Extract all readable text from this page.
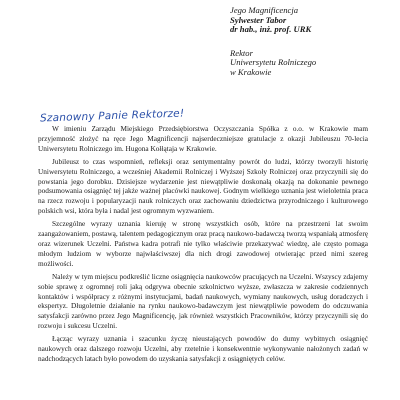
Jego Magnificencja
Sylwester Tabor
dr hab., inż. prof. URK
Rektor
Uniwersytetu Rolniczego
w Krakowie
Szanowny Panie Rektorze!

W imieniu Zarządu Miejskiego Przedsiębiorstwa Oczyszczania Spółka z o.o. w Krakowie mam przyjemność złożyć na ręce Jego Magnificencji najserdeczniejsze gratulacje z okazji Jubileuszu 70-lecia Uniwersytetu Rolniczego im. Hugona Kołłątaja w Krakowie.

Jubileusz to czas wspomnień, refleksji oraz sentymentalny powrót do ludzi, którzy tworzyli historię Uniwersytetu Rolniczego, a wcześniej Akademii Rolniczej i Wyższej Szkoły Rolniczej oraz przyczynili się do powstania jego dorobku. Dzisiejsze wydarzenie jest niewątpliwie doskonałą okazją na dokonanie pewnego podsumowania osiągnięć tej jakże ważnej placówki naukowej. Godnym wielkiego uznania jest wieloletnia praca na rzecz rozwoju i popularyzacji nauk rolniczych oraz zachowaniu dziedzictwa przyrodniczego i kulturowego polskich wsi, która była i nadal jest ogromnym wyzwaniem.

Szczególne wyrazy uznania kieruję w stronę wszystkich osób, które na przestrzeni lat swoim zaangażowaniem, postawą, talentem pedagogicznym oraz pracą naukowo-badawczą tworzą wspaniałą atmosferę oraz wizerunek Uczelni. Państwa kadra potrafi nie tylko właściwie przekazywać wiedzę, ale często pomaga młodym ludziom w wyborze najwłaściwszej dla nich drogi zawodowej otwierając przed nimi szereg możliwości.

Należy w tym miejscu podkreślić liczne osiągnięcia naukowców pracujących na Uczelni. Wszyscy zdajemy sobie sprawę z ogromnej roli jaką odgrywa obecnie szkolnictwo wyższe, zwłaszcza w zakresie codziennych kontaktów i współpracy z różnymi instytucjami, badań naukowych, wymiany naukowych, usług doradczych i ekspertyz. Długoletnie działanie na rynku naukowo-badawczym jest niewątpliwie powodem do odczuwania satysfakcji zarówno przez Jego Magnificencję, jak również wszystkich Pracowników, którzy przyczynili się do rozwoju i sukcesu Uczelni.

Łącząc wyrazy uznania i szacunku życzę nieustających powodów do dumy wybitnych osiągnięć naukowych oraz dalszego rozwoju Uczelni, aby rzetelnie i konsekwentnie wykonywanie nałożonych zadań w nadchodzących latach było powodem do uzyskania satysfakcji z osiągniętych celów.
